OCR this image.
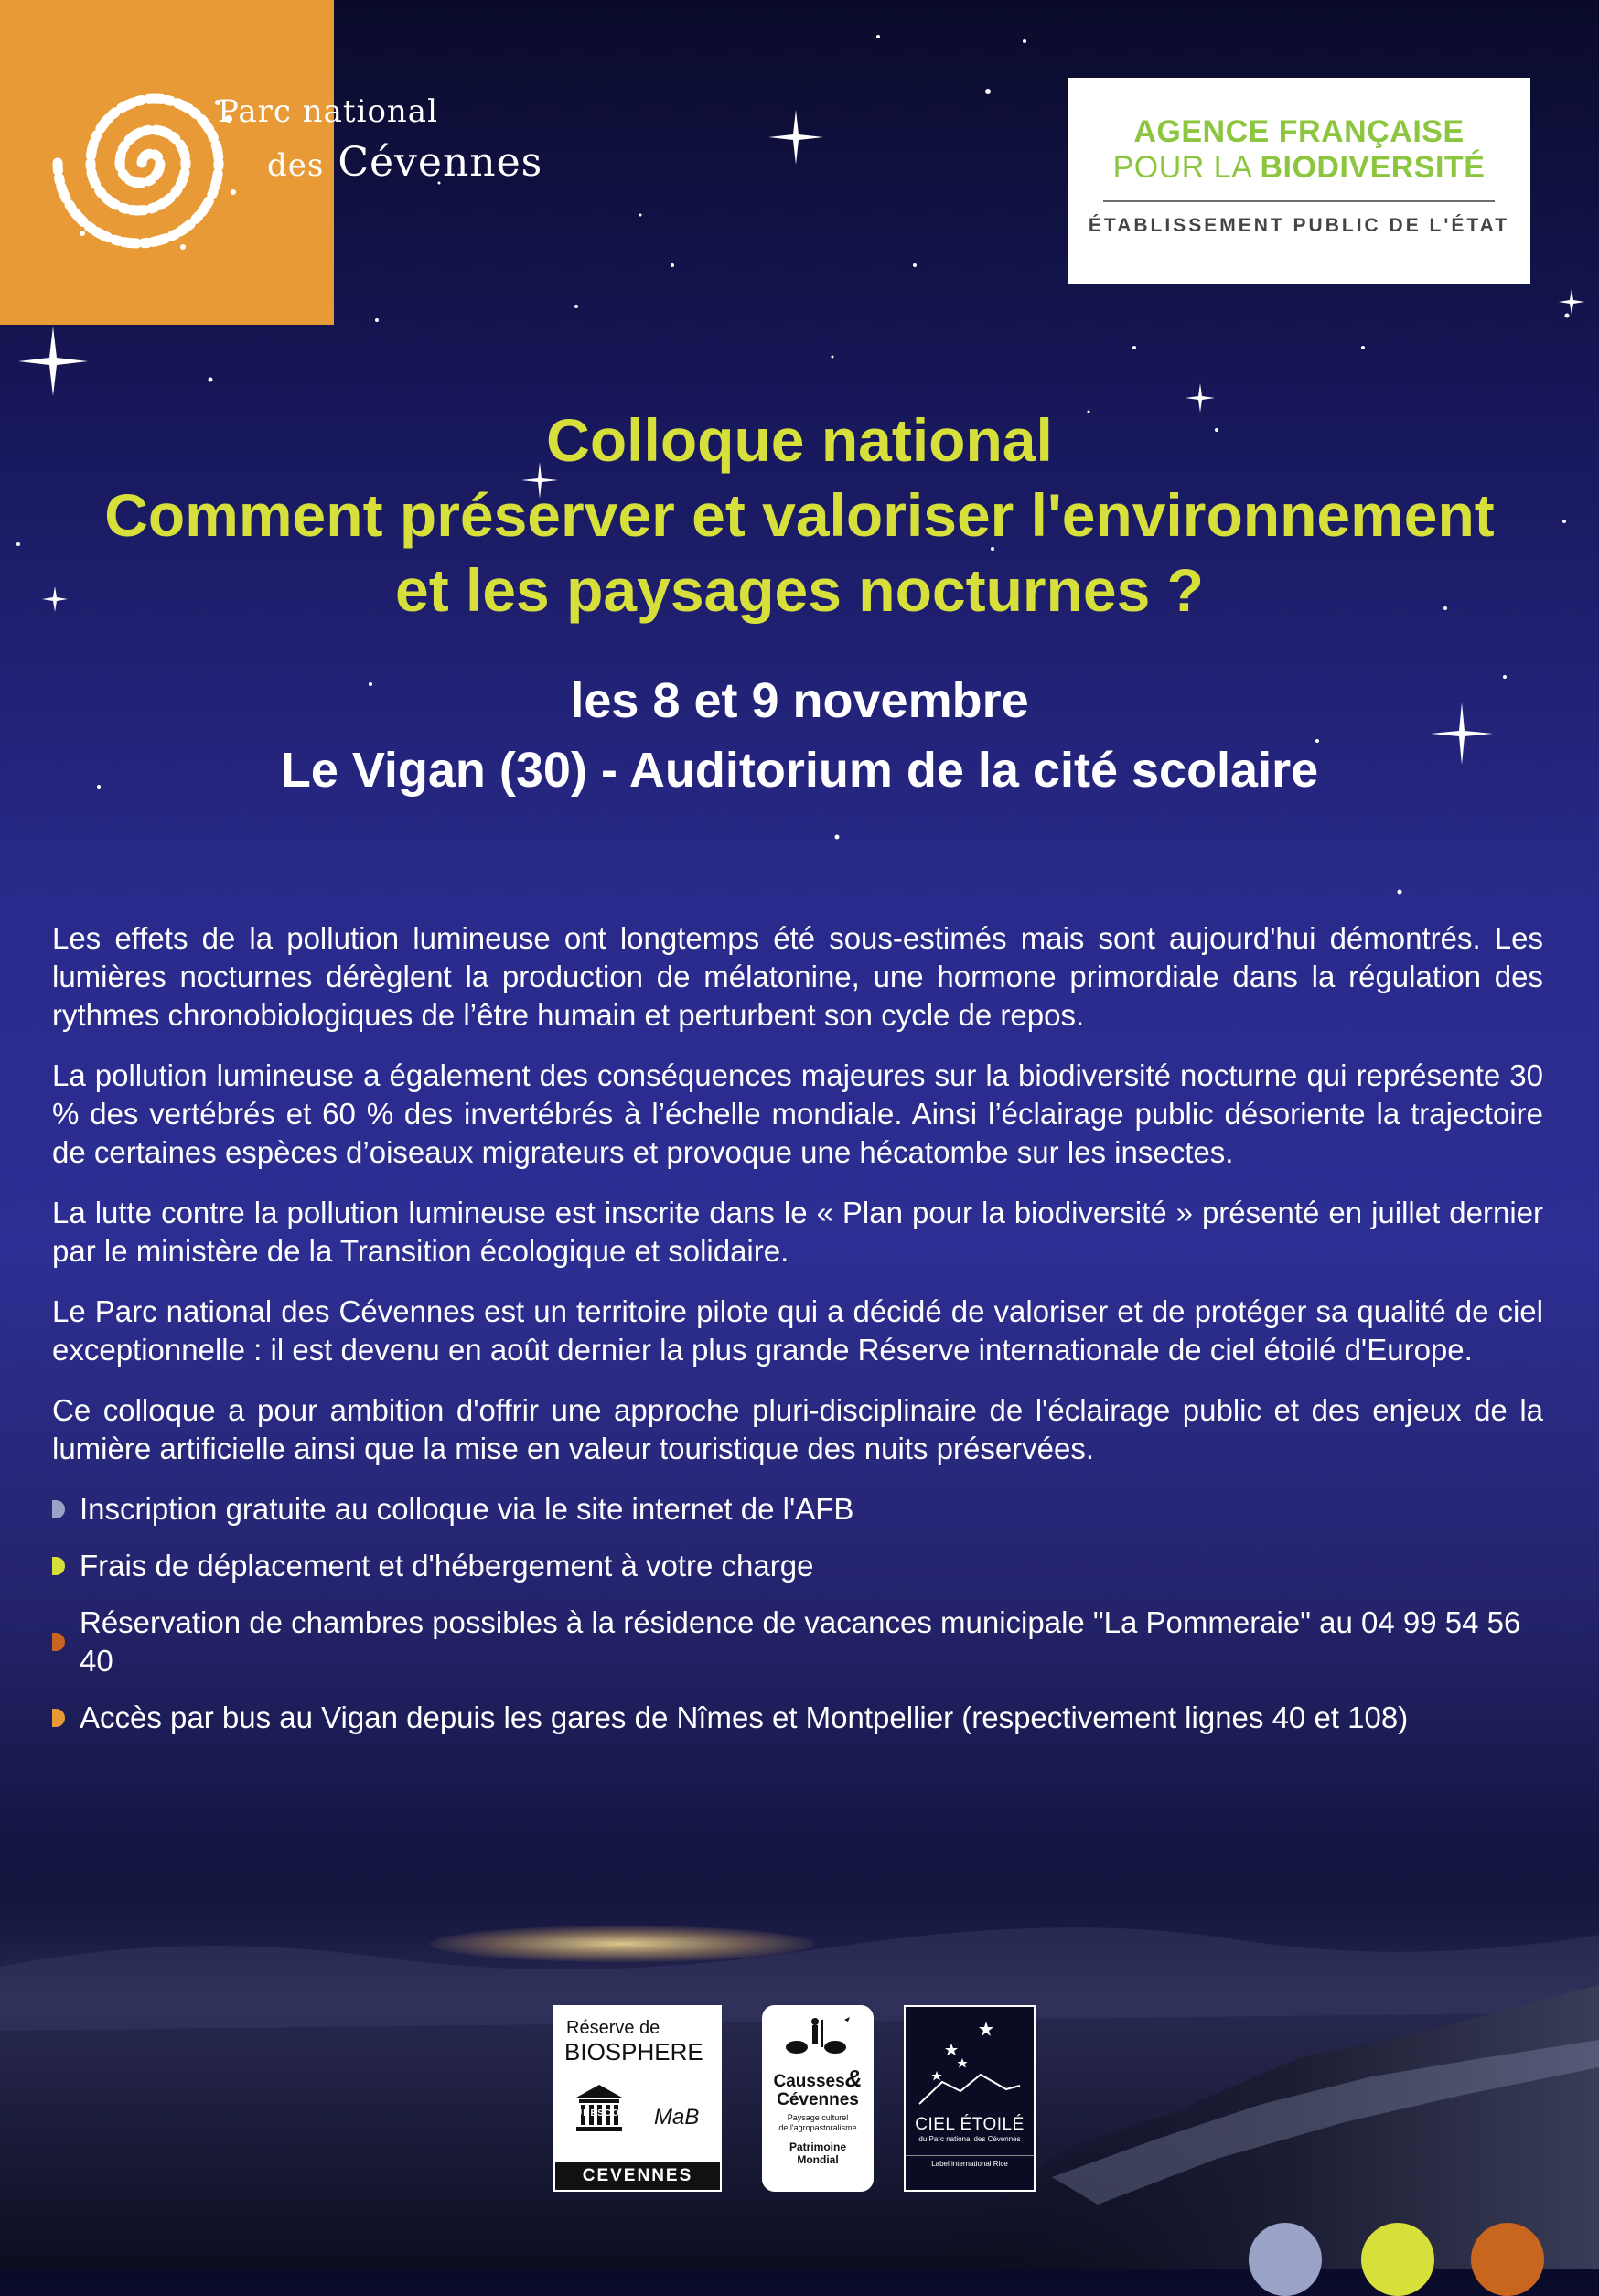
Parc national
des Cévennes
AGENCE FRANÇAISE
POUR LA BIODIVERSITÉ
ÉTABLISSEMENT PUBLIC DE L'ÉTAT
Colloque national
Comment préserver et valoriser l'environnement
et les paysages nocturnes ?
les 8 et 9 novembre
Le Vigan (30) - Auditorium de la cité scolaire

Les effets de la pollution lumineuse ont longtemps été sous-estimés mais sont aujourd'hui démontrés. Les lumières nocturnes dérèglent la production de mélatonine, une hormone primordiale dans la régulation des rythmes chronobiologiques de l’être humain et perturbent son cycle de repos.

La pollution lumineuse a également des conséquences majeures sur la biodiversité nocturne qui représente 30 % des vertébrés et 60 % des invertébrés à l’échelle mondiale. Ainsi l’éclairage public désoriente la trajectoire de certaines espèces d’oiseaux migrateurs et provoque une hécatombe sur les insectes.

La lutte contre la pollution lumineuse est inscrite dans le « Plan pour la biodiversité » présenté en juillet dernier par le ministère de la Transition écologique et solidaire.

Le Parc national des Cévennes est un territoire pilote qui a décidé de valoriser et de protéger sa qualité de ciel exceptionnelle : il est devenu en août dernier la plus grande Réserve internationale de ciel étoilé d'Europe.

Ce colloque a pour ambition d'offrir une approche pluri-disciplinaire de l'éclairage public et des enjeux de la lumière artificielle ainsi que la mise en valeur touristique des nuits préservées.

Inscription gratuite au colloque via le site internet de l'AFB
Frais de déplacement et d'hébergement à votre charge
Réservation de chambres possibles à la résidence de vacances municipale "La Pommeraie" au 04 99 54 56 40
Accès par bus au Vigan depuis les gares de Nîmes et Montpellier (respectivement lignes 40 et 108)
Réserve de
BIOSPHERE
UNESCO MaB
CEVENNES
Causses&
Cévennes
Paysage culturel
de l'agropastoralisme
Patrimoine
Mondial
CIEL ÉTOILÉ
du Parc national des Cévennes
Label international Rice
